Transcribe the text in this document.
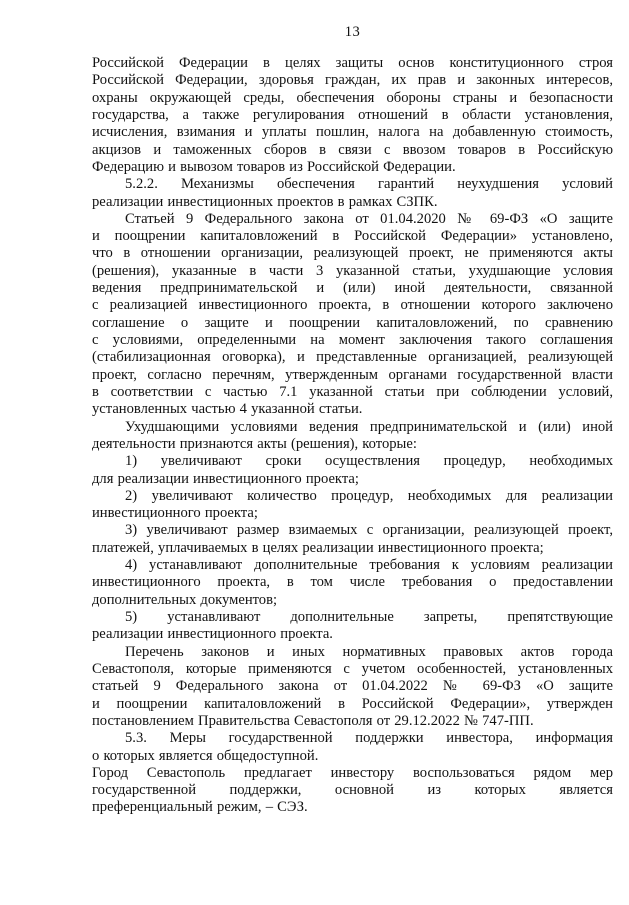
13
Российской Федерации в целях защиты основ конституционного строя
Российской Федерации, здоровья граждан, их прав и законных интересов,
охраны окружающей среды, обеспечения обороны страны и безопасности
государства, а также регулирования отношений в области установления,
исчисления, взимания и уплаты пошлин, налога на добавленную стоимость,
акцизов и таможенных сборов в связи с ввозом товаров в Российскую
Федерацию и вывозом товаров из Российской Федерации.
5.2.2. Механизмы обеспечения гарантий неухудшения условий
реализации инвестиционных проектов в рамках СЗПК.
Статьей 9 Федерального закона от 01.04.2020 № 69-ФЗ «О защите
и поощрении капиталовложений в Российской Федерации» установлено,
что в отношении организации, реализующей проект, не применяются акты
(решения), указанные в части 3 указанной статьи, ухудшающие условия
ведения предпринимательской и (или) иной деятельности, связанной
с реализацией инвестиционного проекта, в отношении которого заключено
соглашение о защите и поощрении капиталовложений, по сравнению
с условиями, определенными на момент заключения такого соглашения
(стабилизационная оговорка), и представленные организацией, реализующей
проект, согласно перечням, утвержденным органами государственной власти
в соответствии с частью 7.1 указанной статьи при соблюдении условий,
установленных частью 4 указанной статьи.
Ухудшающими условиями ведения предпринимательской и (или) иной
деятельности признаются акты (решения), которые:
1) увеличивают сроки осуществления процедур, необходимых
для реализации инвестиционного проекта;
2) увеличивают количество процедур, необходимых для реализации
инвестиционного проекта;
3) увеличивают размер взимаемых с организации, реализующей проект,
платежей, уплачиваемых в целях реализации инвестиционного проекта;
4) устанавливают дополнительные требования к условиям реализации
инвестиционного проекта, в том числе требования о предоставлении
дополнительных документов;
5) устанавливают дополнительные запреты, препятствующие
реализации инвестиционного проекта.
Перечень законов и иных нормативных правовых актов города
Севастополя, которые применяются с учетом особенностей, установленных
статьей 9 Федерального закона от 01.04.2022 № 69-ФЗ «О защите
и поощрении капиталовложений в Российской Федерации», утвержден
постановлением Правительства Севастополя от 29.12.2022 № 747-ПП.
5.3. Меры государственной поддержки инвестора, информация
о которых является общедоступной.
Город Севастополь предлагает инвестору воспользоваться рядом мер
государственной поддержки, основной из которых является
преференциальный режим, – СЭЗ.
